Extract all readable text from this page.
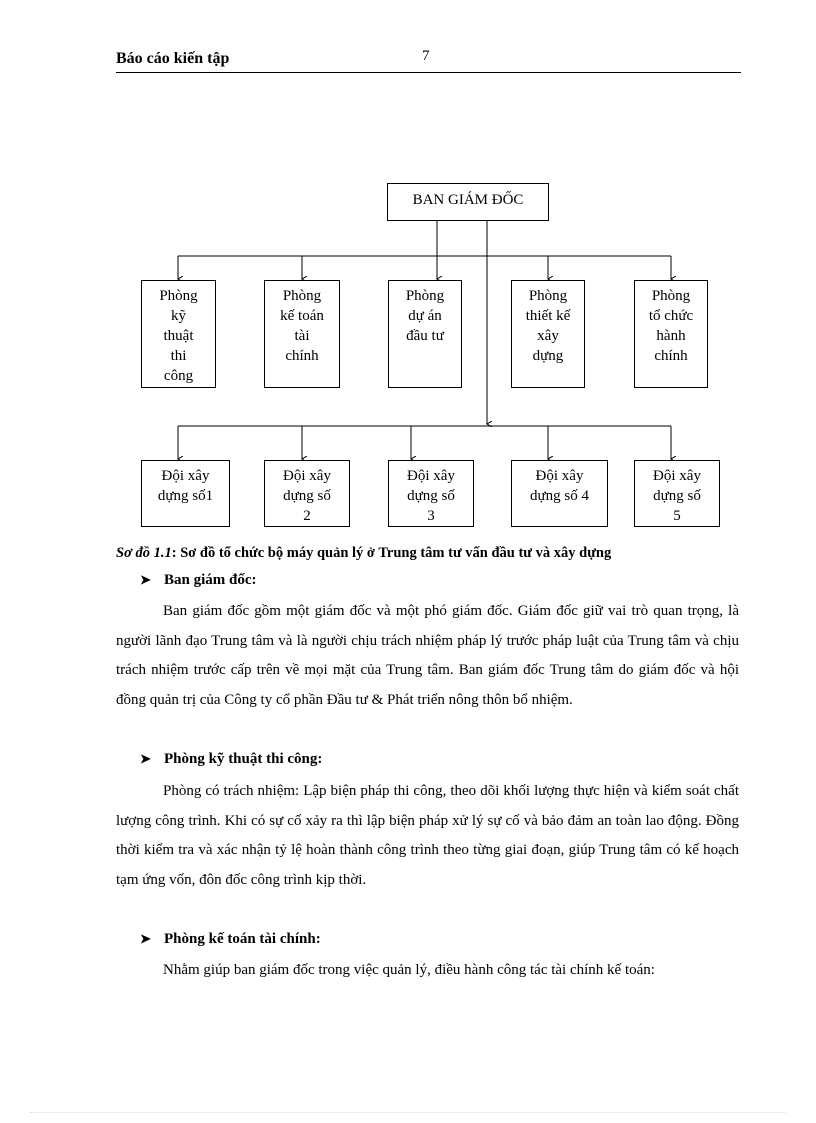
Báo cáo kiến tập	7
BAN GIÁM ĐỐC
Phòng
kỹ
thuật
thi
công
Phòng
kế toán
tài
chính
Phòng
dự án
đầu tư
Phòng
thiết kế
xây
dựng
Phòng
tổ chức
hành
chính
Đội xây
dựng số1
Đội xây
dựng số
2
Đội xây
dựng số
3
Đội xây
dựng số 4
Đội xây
dựng số
5
Sơ đồ 1.1: Sơ đồ tổ chức bộ máy quản lý ở Trung tâm tư vấn đầu tư và xây dựng
➤ Ban giám đốc:

Ban giám đốc gồm một giám đốc và một phó giám đốc. Giám đốc giữ vai trò quan trọng, là người lãnh đạo Trung tâm và là người chịu trách nhiệm pháp lý trước pháp luật của Trung tâm và chịu trách nhiệm trước cấp trên về mọi mặt của Trung tâm. Ban giám đốc Trung tâm do giám đốc và hội đồng quản trị của Công ty cổ phần Đầu tư & Phát triển nông thôn bổ nhiệm.

➤ Phòng kỹ thuật thi công:

Phòng có trách nhiệm: Lập biện pháp thi công, theo dõi khối lượng thực hiện và kiểm soát chất lượng công trình. Khi có sự cố xảy ra thì lập biện pháp xử lý sự cố và bảo đảm an toàn lao động. Đồng thời kiểm tra và xác nhận tỷ lệ hoàn thành công trình theo từng giai đoạn, giúp Trung tâm có kế hoạch tạm ứng vốn, đôn đốc công trình kịp thời.

➤ Phòng kế toán tài chính:

Nhằm giúp ban giám đốc trong việc quản lý, điều hành công tác tài chính kế toán:
